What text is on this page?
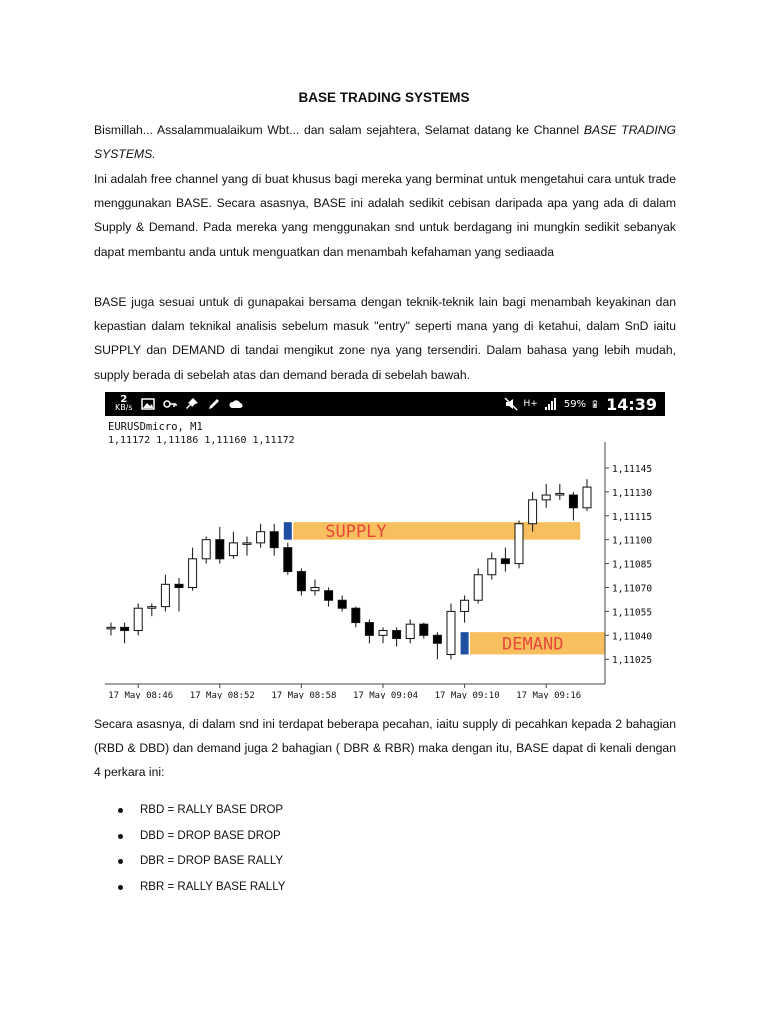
BASE TRADING SYSTEMS

Bismillah... Assalammualaikum Wbt... dan salam sejahtera, Selamat datang ke Channel BASE TRADING SYSTEMS.

Ini adalah free channel yang di buat khusus bagi mereka yang berminat untuk mengetahui cara untuk trade menggunakan BASE. Secara asasnya, BASE ini adalah sedikit cebisan daripada apa yang ada di dalam Supply & Demand. Pada mereka yang menggunakan snd untuk berdagang ini mungkin sedikit sebanyak dapat membantu anda untuk menguatkan dan menambah kefahaman yang sediaada

BASE juga sesuai untuk di gunapakai bersama dengan teknik-teknik lain bagi menambah keyakinan dan kepastian dalam teknikal analisis sebelum masuk "entry" seperti mana yang di ketahui, dalam SnD iaitu SUPPLY dan DEMAND di tandai mengikut zone nya yang tersendiri. Dalam bahasa yang lebih mudah, supply berada di sebelah atas dan demand berada di sebelah bawah.

2
KB/s	H+	59% 14:39
EURUSDmicro, M1
1,11172 1,11186 1,11160 1,11172
SUPPLY
DEMAND
1,11145
1,11130
1,11115
1,11100
1,11085
1,11070
1,11055
1,11040
1,11025
17 May 08:46 17 May 08:52 17 May 08:58 17 May 09:04 17 May 09:10 17 May 09:16

Secara asasnya, di dalam snd ini terdapat beberapa pecahan, iaitu supply di pecahkan kepada 2 bahagian (RBD & DBD) dan demand juga 2 bahagian ( DBR & RBR) maka dengan itu, BASE dapat di kenali dengan 4 perkara ini:

RBD = RALLY BASE DROP
DBD = DROP BASE DROP
DBR = DROP BASE RALLY
RBR = RALLY BASE RALLY
